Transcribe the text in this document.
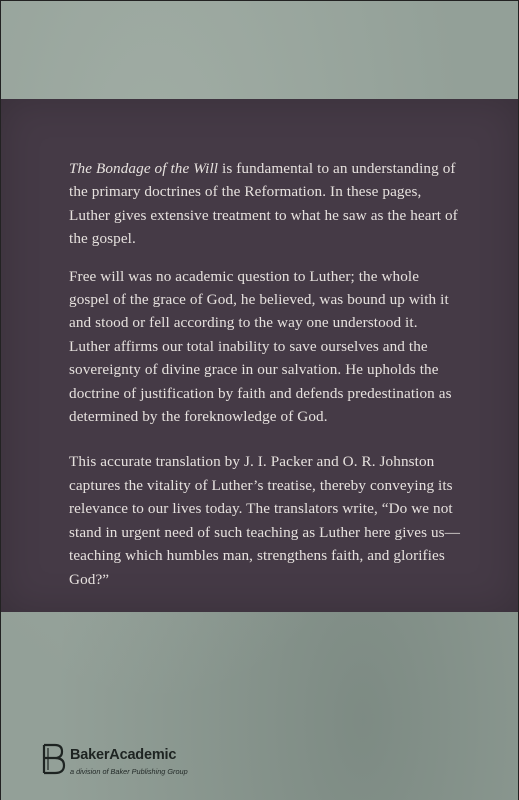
The Bondage of the Will is fundamental to an understanding of the primary doctrines of the Reformation. In these pages, Luther gives extensive treatment to what he saw as the heart of the gospel.

Free will was no academic question to Luther; the whole gospel of the grace of God, he believed, was bound up with it and stood or fell according to the way one understood it. Luther affirms our total inability to save ourselves and the sovereignty of divine grace in our salvation. He upholds the doctrine of justification by faith and defends predestination as determined by the foreknowledge of God.

This accurate translation by J. I. Packer and O. R. Johnston captures the vitality of Luther’s treatise, thereby conveying its relevance to our lives today. The translators write, “Do we not stand in urgent need of such teaching as Luther here gives us—teaching which humbles man, strengthens faith, and glorifies God?”

BakerAcademic
a division of Baker Publishing Group
